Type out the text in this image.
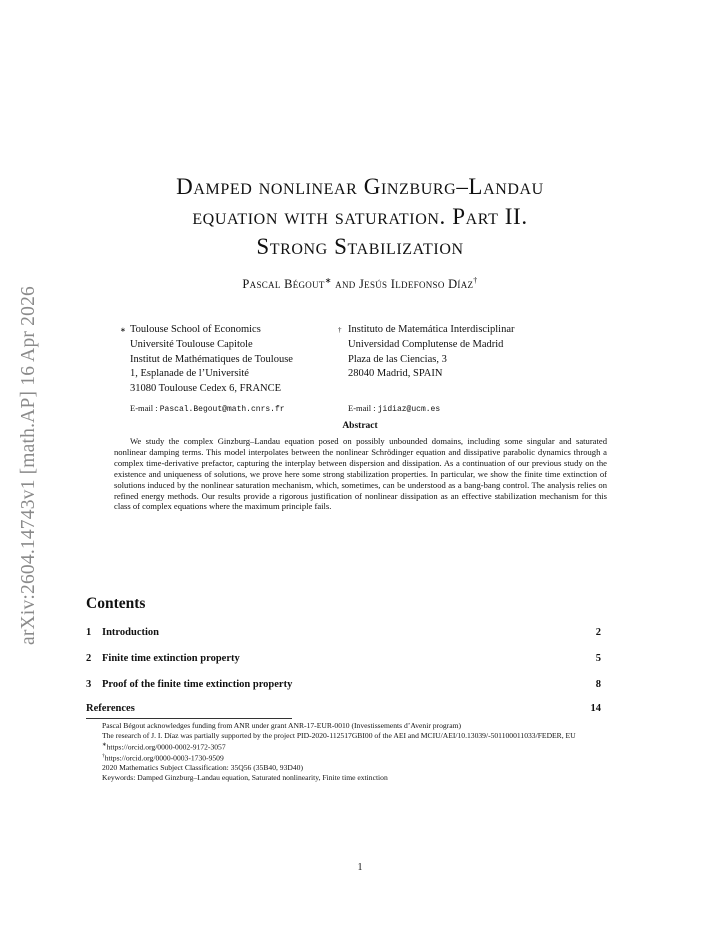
arXiv:2604.14743v1 [math.AP] 16 Apr 2026
Damped nonlinear Ginzburg–Landau
equation with saturation. Part II.
Strong Stabilization
Pascal Bégout∗ and Jesús Ildefonso Díaz†
∗ Toulouse School of Economics
Université Toulouse Capitole
Institut de Mathématiques de Toulouse
1, Esplanade de l’Université
31080 Toulouse Cedex 6, FRANCE
E-mail : Pascal.Begout@math.cnrs.fr
† Instituto de Matemática Interdisciplinar
Universidad Complutense de Madrid
Plaza de las Ciencias, 3
28040 Madrid, SPAIN
E-mail : jidiaz@ucm.es
Abstract
We study the complex Ginzburg–Landau equation posed on possibly unbounded domains, including some singular and saturated nonlinear damping terms. This model interpolates between the nonlinear Schrödinger equation and dissipative parabolic dynamics through a complex time-derivative prefactor, capturing the interplay between dispersion and dissipation. As a continuation of our previous study on the existence and uniqueness of solutions, we prove here some strong stabilization properties. In particular, we show the finite time extinction of solutions induced by the nonlinear saturation mechanism, which, sometimes, can be understood as a bang-bang control. The analysis relies on refined energy methods. Our results provide a rigorous justification of nonlinear dissipation as an effective stabilization mechanism for this class of complex equations where the maximum principle fails.
Contents
1	Introduction	2
2	Finite time extinction property	5
3	Proof of the finite time extinction property	8
References	14
Pascal Bégout acknowledges funding from ANR under grant ANR-17-EUR-0010 (Investissements d’Avenir program)
The research of J. I. Díaz was partially supported by the project PID-2020-112517GBI00 of the AEI and MCIU/AEI/10.13039/-501100011033/FEDER, EU
∗https://orcid.org/0000-0002-9172-3057
†https://orcid.org/0000-0003-1730-9509
2020 Mathematics Subject Classification: 35Q56 (35B40, 93D40)
Keywords: Damped Ginzburg–Landau equation, Saturated nonlinearity, Finite time extinction
1
